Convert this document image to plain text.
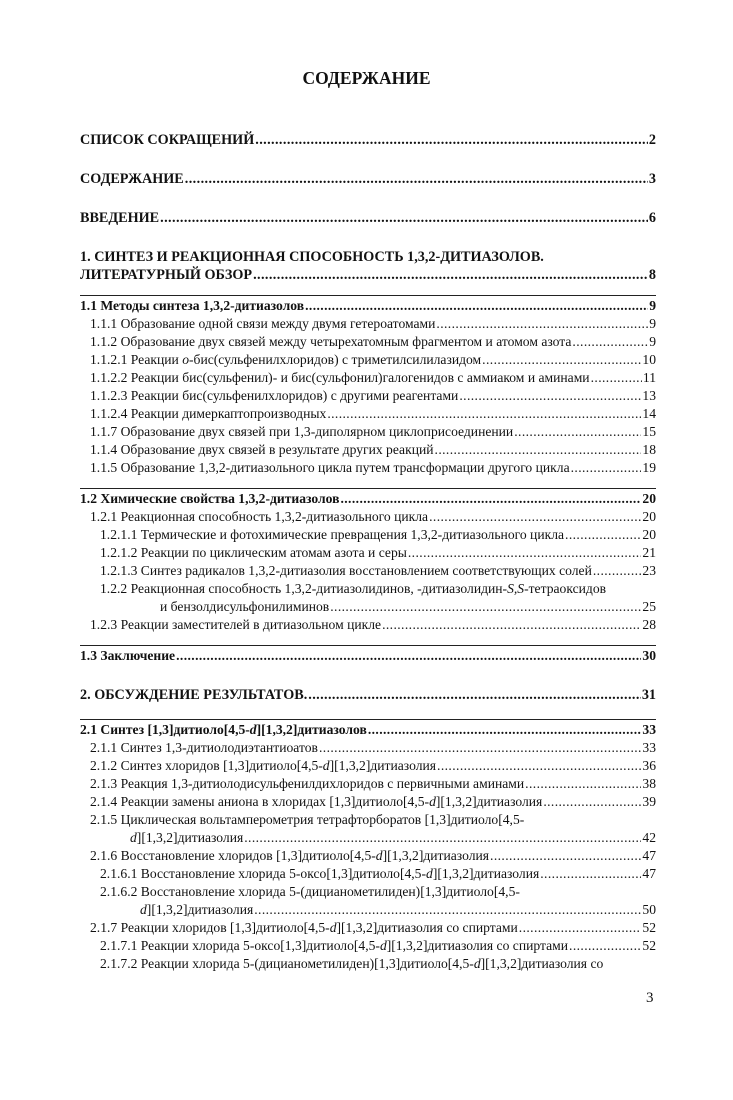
СОДЕРЖАНИЕ
СПИСОК СОКРАЩЕНИЙ .....	2
СОДЕРЖАНИЕ .....	3
ВВЕДЕНИЕ .....	6
1. СИНТЕЗ И РЕАКЦИОННАЯ СПОСОБНОСТЬ 1,3,2-ДИТИАЗОЛОВ.
ЛИТЕРАТУРНЫЙ ОБЗОР .....	8
1.1 Методы синтеза 1,3,2-дитиазолов .....	9
1.1.1 Образование одной связи между двумя гетероатомами .....	9
1.1.2 Образование двух связей между четырехатомным фрагментом и атомом азота .....	9
1.1.2.1 Реакции о-бис(сульфенилхлоридов) с триметилсилилазидом .....	10
1.1.2.2 Реакции бис(сульфенил)- и бис(сульфонил)галогенидов с аммиаком и аминами .....	11
1.1.2.3 Реакции бис(сульфенилхлоридов) с другими реагентами .....	13
1.1.2.4 Реакции димеркаптопроизводных .....	14
1.1.7 Образование двух связей при 1,3-диполярном циклоприсоединении .....	15
1.1.4 Образование двух связей в результате других реакций .....	18
1.1.5 Образование 1,3,2-дитиазольного цикла путем трансформации другого цикла .....	19
1.2 Химические свойства 1,3,2-дитиазолов .....	20
1.2.1 Реакционная способность 1,3,2-дитиазольного цикла .....	20
1.2.1.1 Термические и фотохимические превращения 1,3,2-дитиазольного цикла .....	20
1.2.1.2 Реакции по циклическим атомам азота и серы .....	21
1.2.1.3 Синтез радикалов 1,3,2-дитиазолия восстановлением соответствующих солей .....	23
1.2.2 Реакционная способность 1,3,2-дитиазолидинов, -дитиазолидин-S,S-тетраоксидов
и бензолдисульфонилиминов .....	25
1.2.3 Реакции заместителей в дитиазольном цикле .....	28
1.3 Заключение .....	30
2. ОБСУЖДЕНИЕ РЕЗУЛЬТАТОВ. .....	31
2.1 Синтез [1,3]дитиоло[4,5-d][1,3,2]дитиазолов .....	33
2.1.1 Синтез 1,3-дитиолодиэтантиоатов .....	33
2.1.2 Синтез хлоридов [1,3]дитиоло[4,5-d][1,3,2]дитиазолия .....	36
2.1.3 Реакция 1,3-дитиолодисульфенилдихлоридов с первичными аминами .....	38
2.1.4 Реакции замены аниона в хлоридах [1,3]дитиоло[4,5-d][1,3,2]дитиазолия .....	39
2.1.5 Циклическая вольтамперометрия тетрафторборатов [1,3]дитиоло[4,5-
d][1,3,2]дитиазолия .....	42
2.1.6 Восстановление хлоридов [1,3]дитиоло[4,5-d][1,3,2]дитиазолия .....	47
2.1.6.1 Восстановление хлорида 5-оксо[1,3]дитиоло[4,5-d][1,3,2]дитиазолия .....	47
2.1.6.2 Восстановление хлорида 5-(дицианометилиден)[1,3]дитиоло[4,5-
d][1,3,2]дитиазолия .....	50
2.1.7 Реакции хлоридов [1,3]дитиоло[4,5-d][1,3,2]дитиазолия со спиртами .....	52
2.1.7.1 Реакции хлорида 5-оксо[1,3]дитиоло[4,5-d][1,3,2]дитиазолия со спиртами .....	52
2.1.7.2 Реакции хлорида 5-(дицианометилиден)[1,3]дитиоло[4,5-d][1,3,2]дитиазолия со
3
